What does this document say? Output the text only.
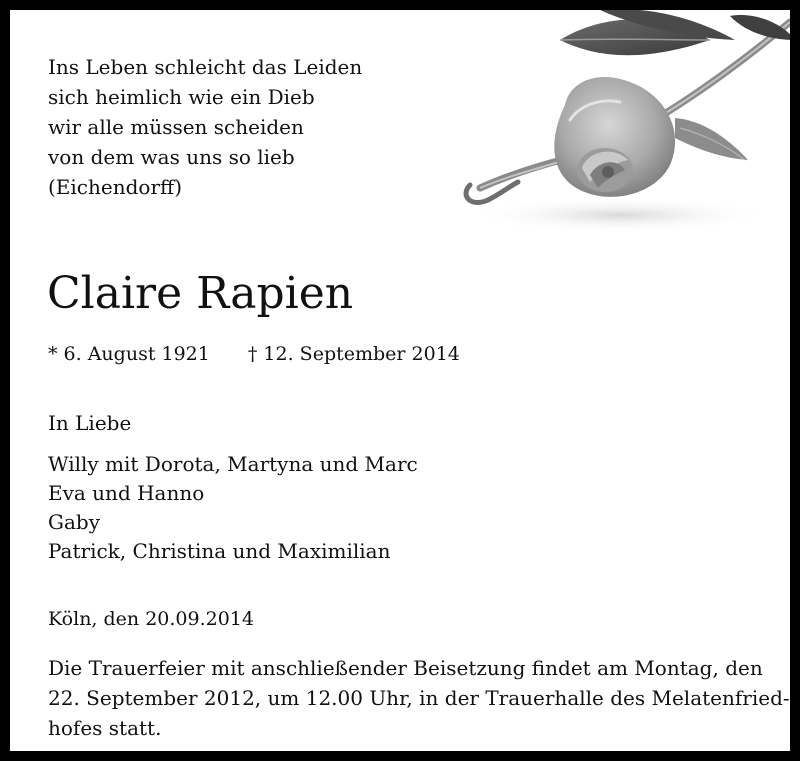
Ins Leben schleicht das Leiden
sich heimlich wie ein Dieb
wir alle müssen scheiden
von dem was uns so lieb
(Eichendorff)
Claire Rapien
* 6. August 1921 † 12. September 2014
In Liebe
Willy mit Dorota, Martyna und Marc
Eva und Hanno
Gaby
Patrick, Christina und Maximilian
Köln, den 20.09.2014
Die Trauerfeier mit anschließender Beisetzung findet am Montag, den
22. September 2012, um 12.00 Uhr, in der Trauerhalle des Melatenfried-
hofes statt.
